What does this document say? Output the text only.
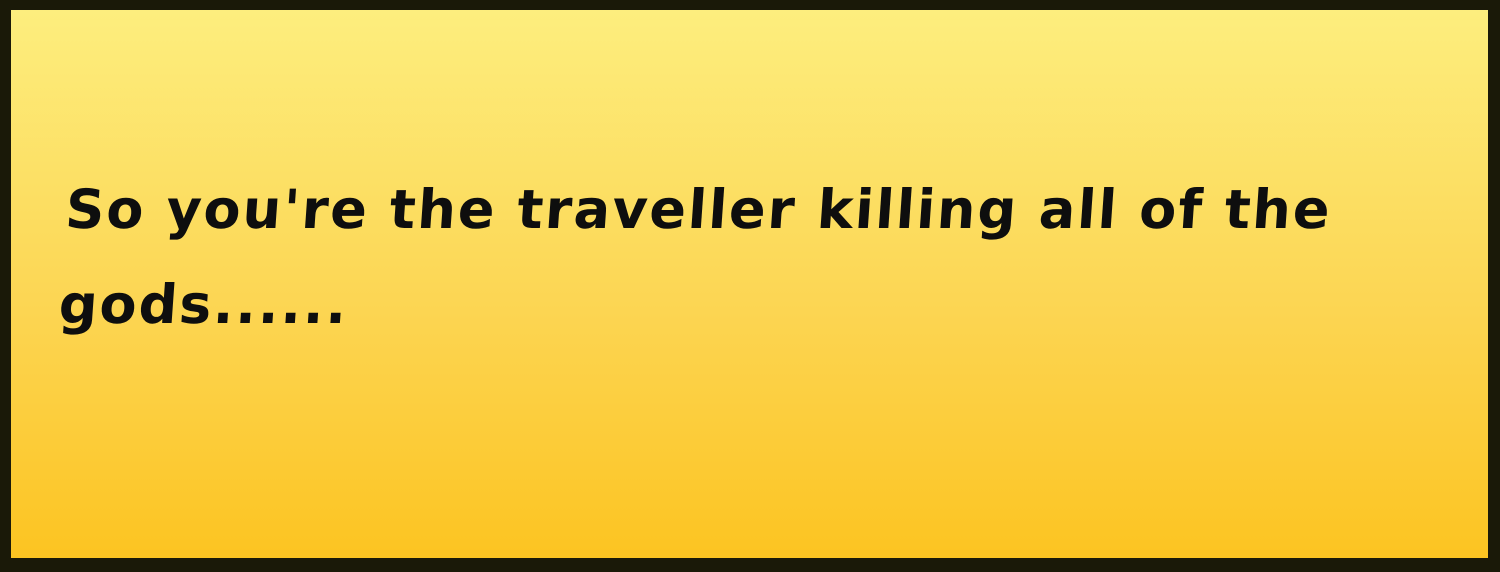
So you're the traveller killing all of the gods......
